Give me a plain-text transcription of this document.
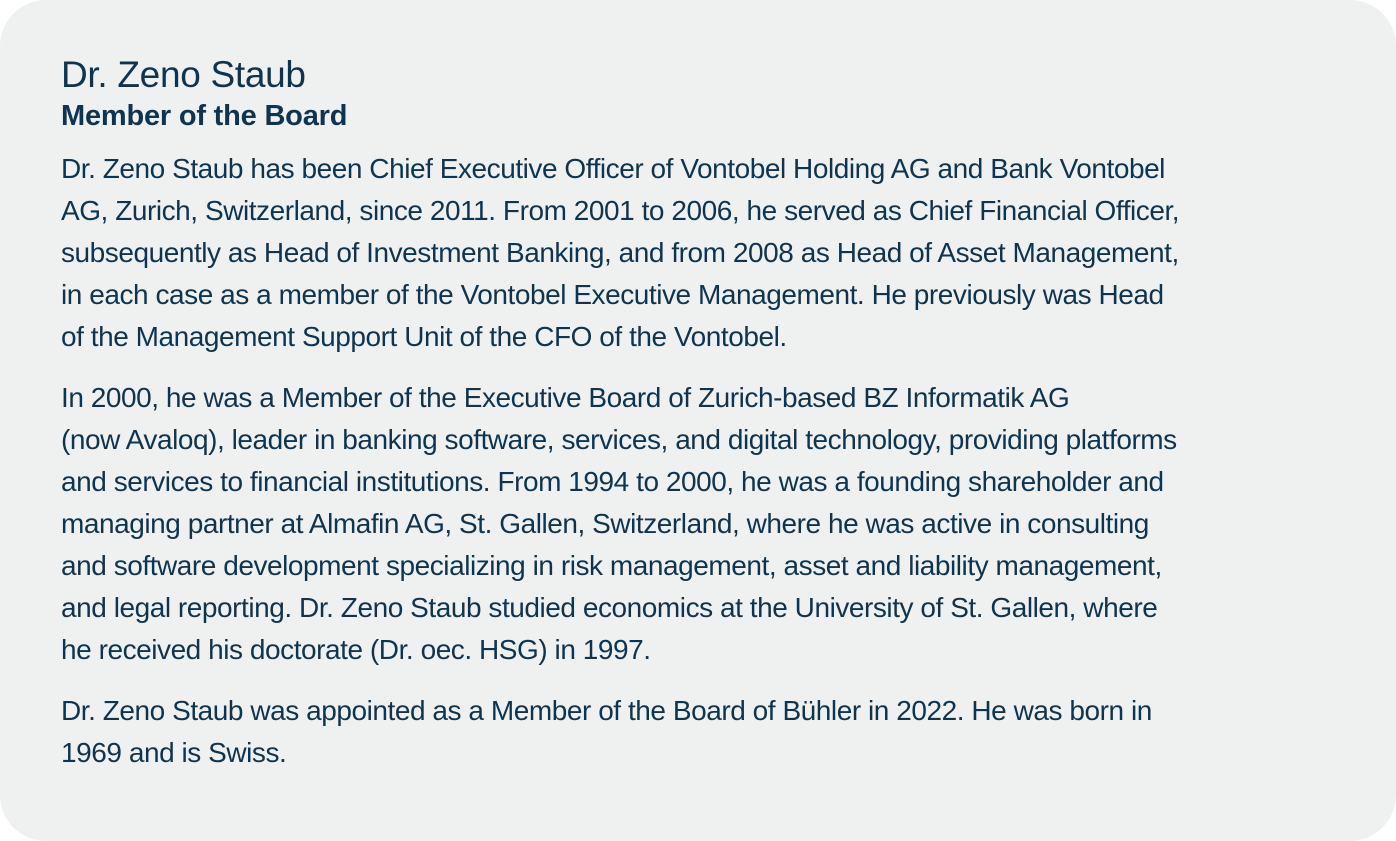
Dr. Zeno Staub
Member of the Board

Dr. Zeno Staub has been Chief Executive Officer of Vontobel Holding AG and Bank Vontobel
AG, Zurich, Switzerland, since 2011. From 2001 to 2006, he served as Chief Financial Officer,
subsequently as Head of Investment Banking, and from 2008 as Head of Asset Management,
in each case as a member of the Vontobel Executive Management. He previously was Head
of the Management Support Unit of the CFO of the Vontobel.

In 2000, he was a Member of the Executive Board of Zurich-based BZ Informatik AG
(now Avaloq), leader in banking software, services, and digital technology, providing platforms
and services to financial institutions. From 1994 to 2000, he was a founding shareholder and
managing partner at Almafin AG, St. Gallen, Switzerland, where he was active in consulting
and software development specializing in risk management, asset and liability management,
and legal reporting. Dr. Zeno Staub studied economics at the University of St. Gallen, where
he received his doctorate (Dr. oec. HSG) in 1997.

Dr. Zeno Staub was appointed as a Member of the Board of Bühler in 2022. He was born in
1969 and is Swiss.
